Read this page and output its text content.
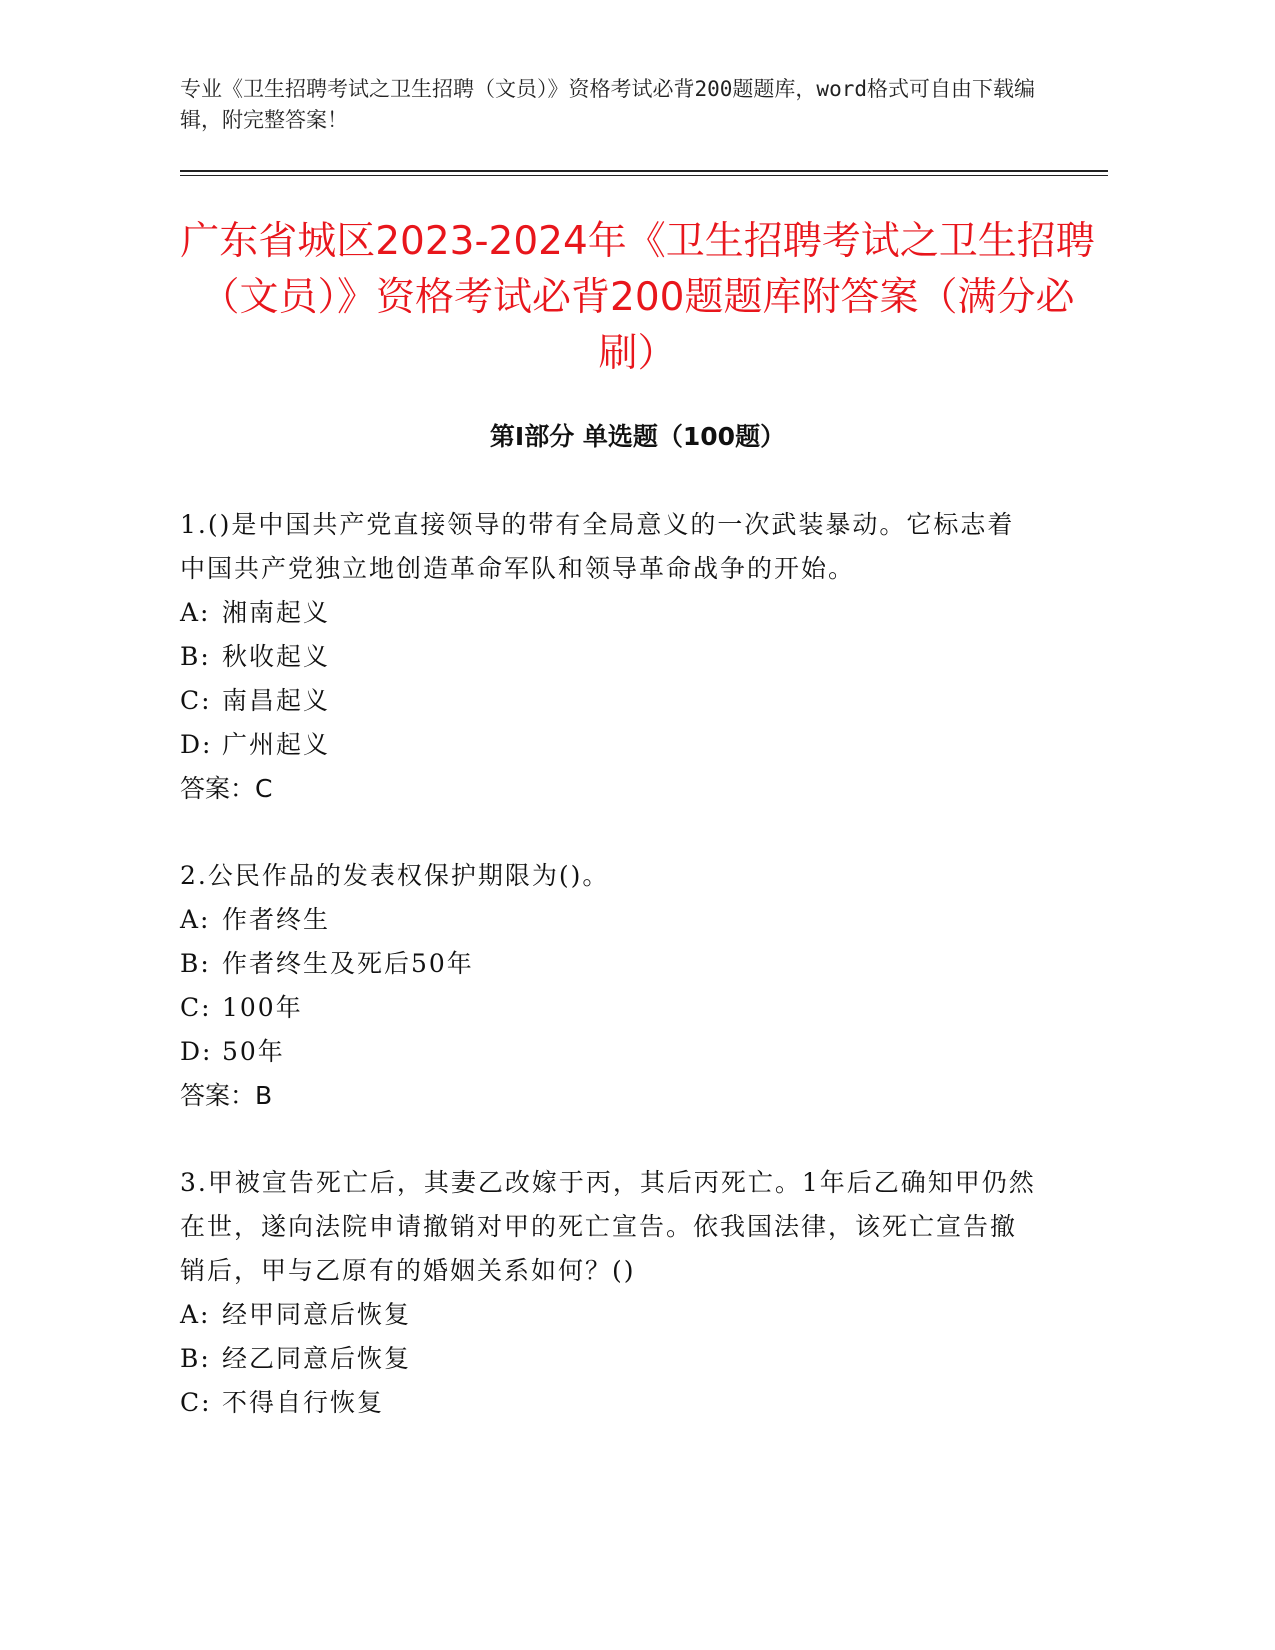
专业《卫生招聘考试之卫生招聘（文员）》资格考试必背200题题库，word格式可自由下载编辑，附完整答案！

广东省城区2023-2024年《卫生招聘考试之卫生招聘（文员）》资格考试必背200题题库附答案（满分必刷）
第Ⅰ部分 单选题（100题）

1.()是中国共产党直接领导的带有全局意义的一次武装暴动。它标志着中国共产党独立地创造革命军队和领导革命战争的开始。

A: 湘南起义

B: 秋收起义

C: 南昌起义

D: 广州起义

答案：C

2.公民作品的发表权保护期限为()。

A: 作者终生

B: 作者终生及死后50年

C: 100年

D: 50年

答案：B

3.甲被宣告死亡后，其妻乙改嫁于丙，其后丙死亡。1年后乙确知甲仍然在世，遂向法院申请撤销对甲的死亡宣告。依我国法律，该死亡宣告撤销后，甲与乙原有的婚姻关系如何？()

A: 经甲同意后恢复

B: 经乙同意后恢复

C: 不得自行恢复
